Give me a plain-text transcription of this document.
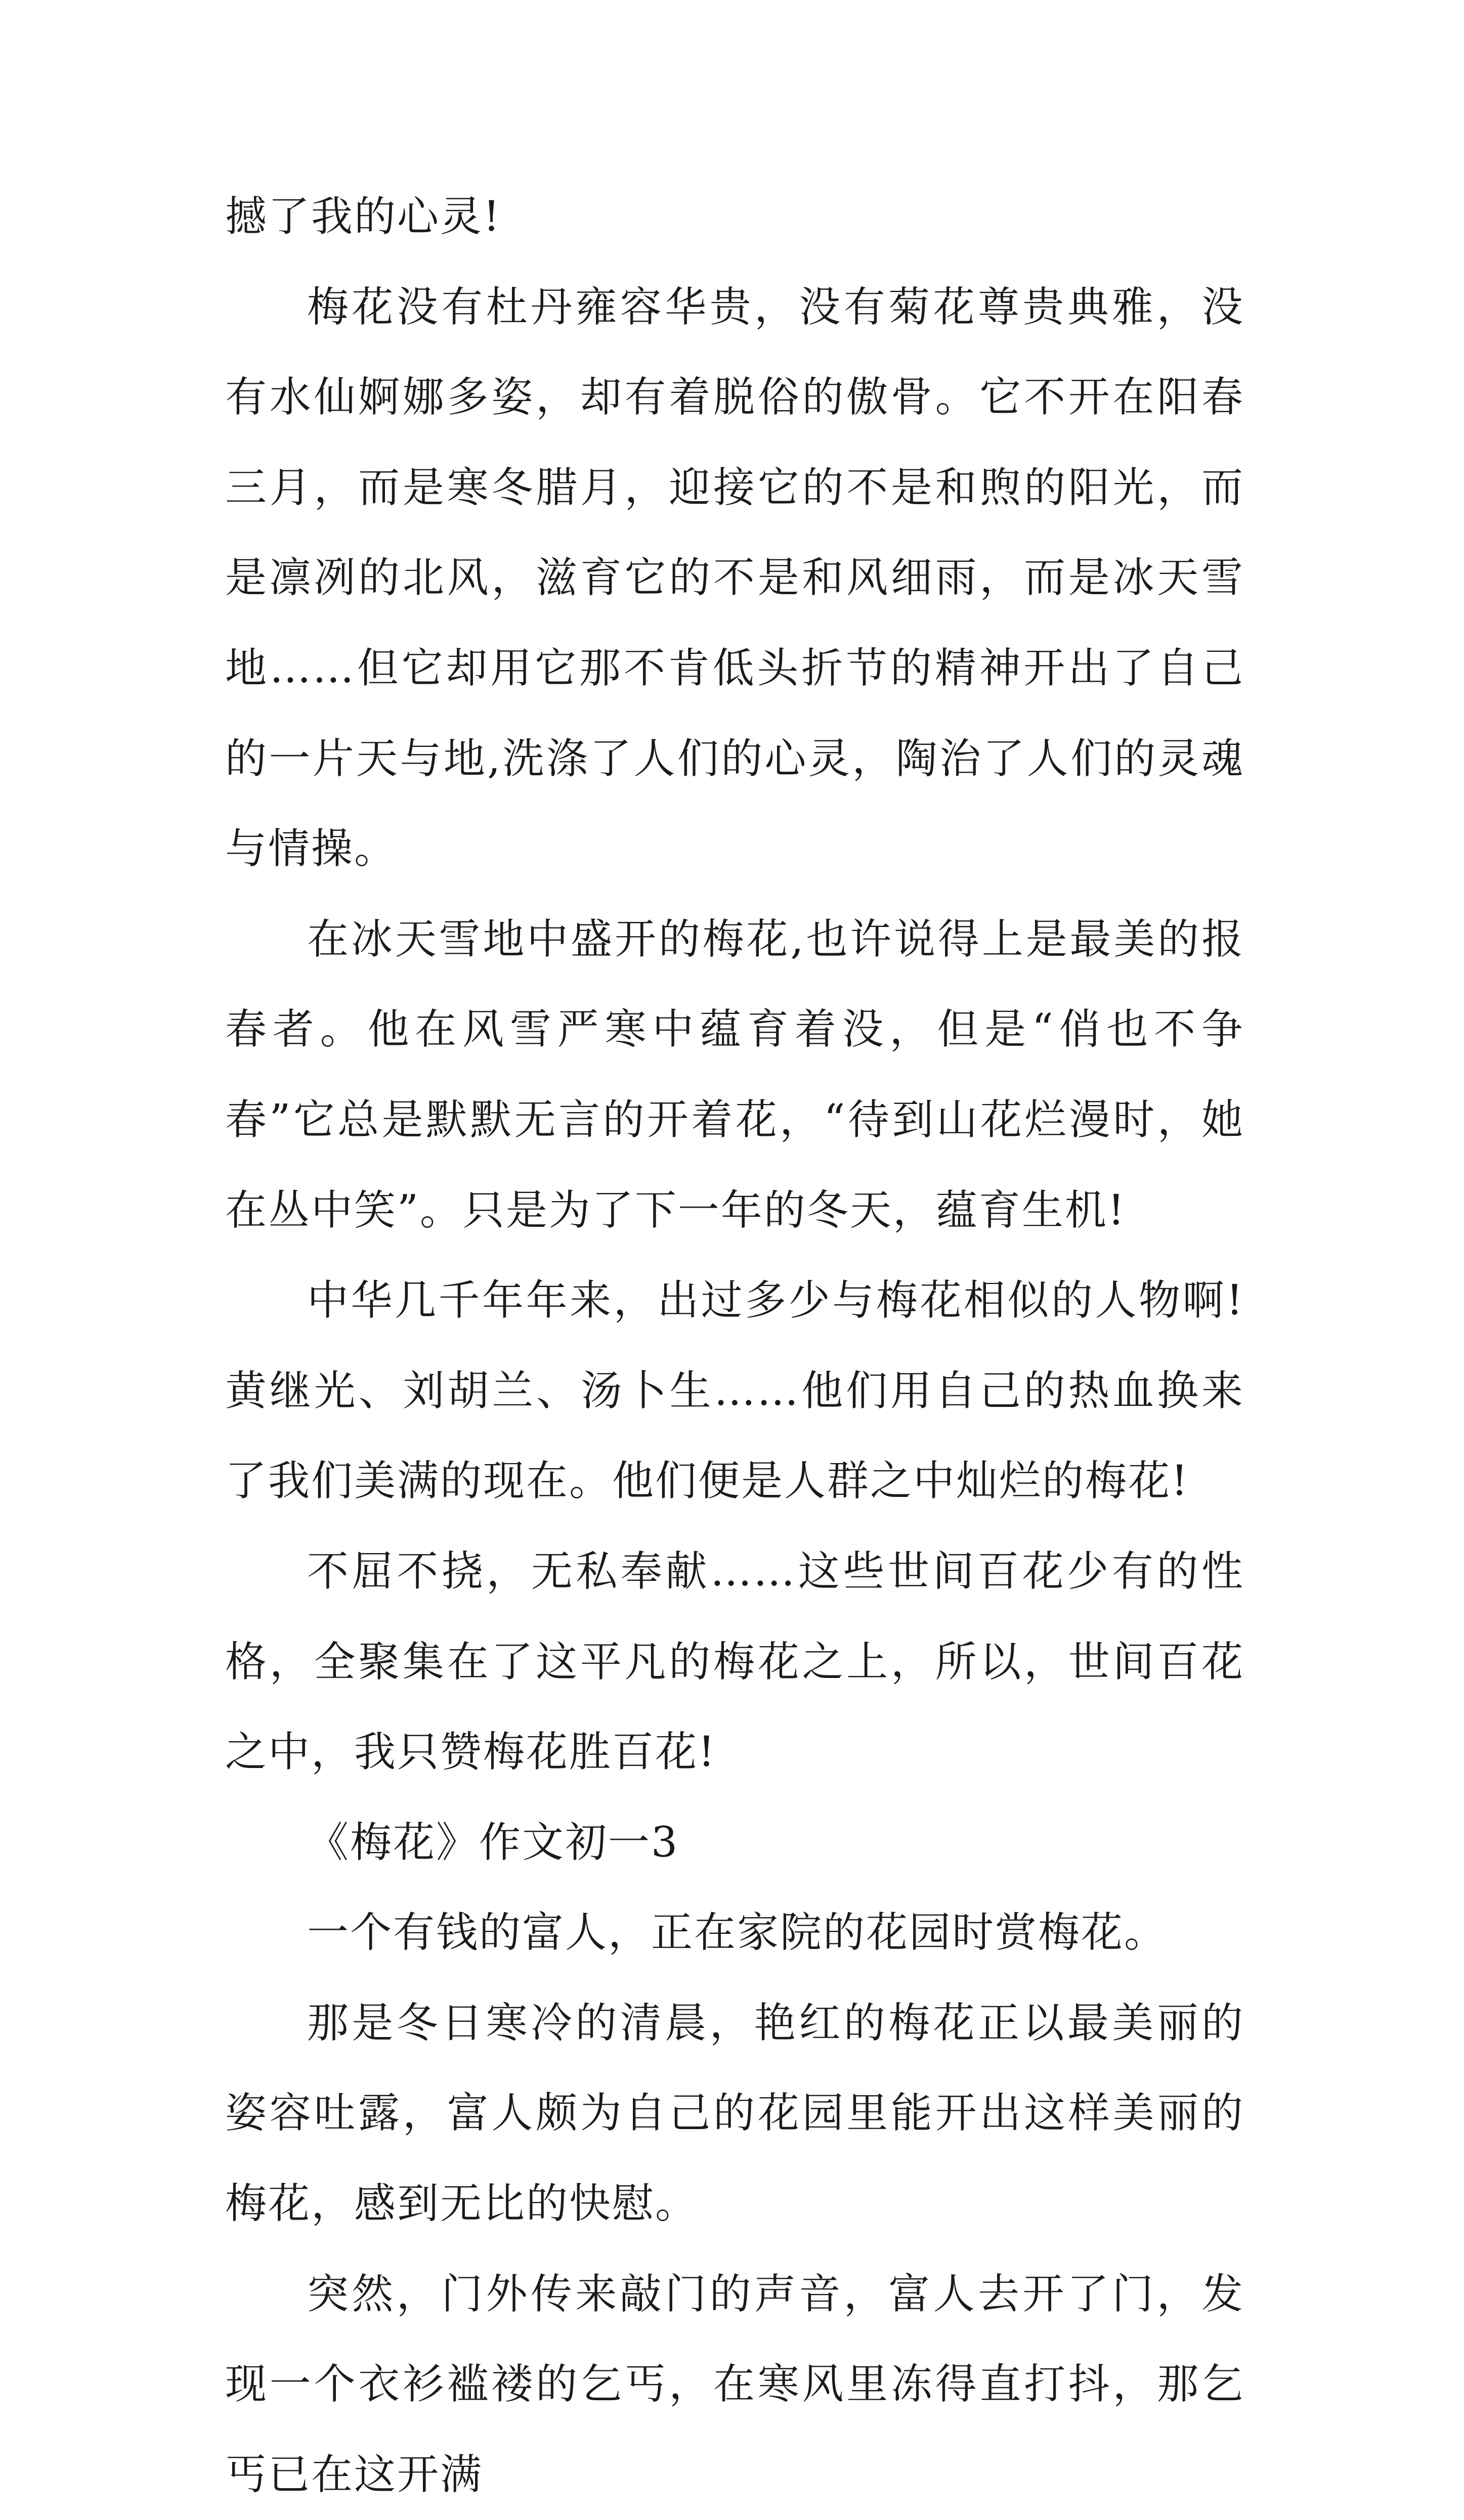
撼了我的心灵!

梅花没有杜丹雍容华贵，没有菊花尊贵典雅，没有水仙婀娜多姿，却有着脱俗的傲骨。它不开在阳春三月，而是寒冬腊月，迎接它的不是和煦的阳光，而是凛冽的北风，滋育它的不是和风细雨，而是冰天雪地……但它却用它那不肯低头折节的精神开出了自己的一片天与地,洗涤了人们的心灵，陶治了人们的灵魂与情操。

在冰天雪地中盛开的梅花,也许说得上是最美的报春者。他在风雪严寒中蕴育着没，但是“俏也不争春”它总是默默无言的开着花，“待到山花烂漫时，她在丛中笑”。只是为了下一年的冬天，蕴育生机!

中华几千年年来，出过多少与梅花相似的人物啊!黄继光、刘胡兰、汤卜生……他们用自己的热血换来了我们美满的现在。他们便是人群之中灿烂的梅花!

不屈不挠，无私奉献……这些世间百花少有的性格，全聚集在了这平凡的梅花之上，所以，世间百花之中，我只赞梅花胜百花!

《梅花》作文初一3

一个有钱的富人，正在家院的花园时赏梅花。

那是冬日寒冷的清晨，艳红的梅花正以最美丽的姿容吐露，富人颇为自己的花园里能开出这样美丽的梅花，感到无比的快慰。

突然，门外传来敲门的声音，富人去开了门，发现一个衣衫褴褛的乞丐，在寒风里冻得直打抖，那乞丐已在这开满
